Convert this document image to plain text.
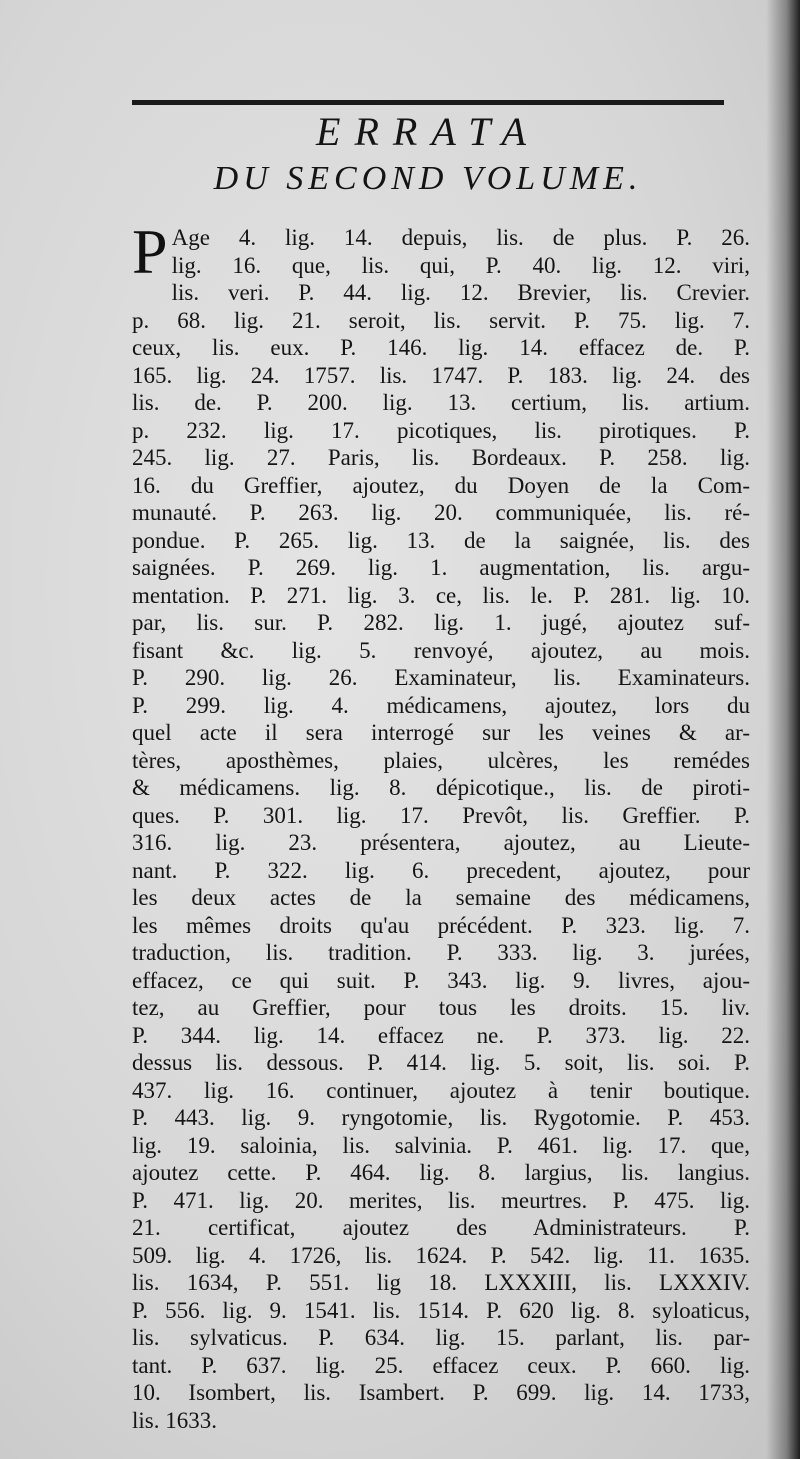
ERRATA
DU SECOND VOLUME.
P Age 4. lig. 14. depuis, lis. de plus. P. 26.
lig. 16. que, lis. qui, P. 40. lig. 12. viri,
lis. veri. P. 44. lig. 12. Brevier, lis. Crevier.
p. 68. lig. 21. seroit, lis. servit. P. 75. lig. 7.
ceux, lis. eux. P. 146. lig. 14. effacez de. P.
165. lig. 24. 1757. lis. 1747. P. 183. lig. 24. des
lis. de. P. 200. lig. 13. certium, lis. artium.
p. 232. lig. 17. picotiques, lis. pirotiques. P.
245. lig. 27. Paris, lis. Bordeaux. P. 258. lig.
16. du Greffier, ajoutez, du Doyen de la Com-
munauté. P. 263. lig. 20. communiquée, lis. ré-
pondue. P. 265. lig. 13. de la saignée, lis. des
saignées. P. 269. lig. 1. augmentation, lis. argu-
mentation. P. 271. lig. 3. ce, lis. le. P. 281. lig. 10.
par, lis. sur. P. 282. lig. 1. jugé, ajoutez suf-
fisant &c. lig. 5. renvoyé, ajoutez, au mois.
P. 290. lig. 26. Examinateur, lis. Examinateurs.
P. 299. lig. 4. médicamens, ajoutez, lors du
quel acte il sera interrogé sur les veines & ar-
tères, aposthèmes, plaies, ulcères, les remédes
& médicamens. lig. 8. dépicotique., lis. de piroti-
ques. P. 301. lig. 17. Prevôt, lis. Greffier. P.
316. lig. 23. présentera, ajoutez, au Lieute-
nant. P. 322. lig. 6. precedent, ajoutez, pour
les deux actes de la semaine des médicamens,
les mêmes droits qu'au précédent. P. 323. lig. 7.
traduction, lis. tradition. P. 333. lig. 3. jurées,
effacez, ce qui suit. P. 343. lig. 9. livres, ajou-
tez, au Greffier, pour tous les droits. 15. liv.
P. 344. lig. 14. effacez ne. P. 373. lig. 22.
dessus lis. dessous. P. 414. lig. 5. soit, lis. soi. P.
437. lig. 16. continuer, ajoutez à tenir boutique.
P. 443. lig. 9. ryngotomie, lis. Rygotomie. P. 453.
lig. 19. saloinia, lis. salvinia. P. 461. lig. 17. que,
ajoutez cette. P. 464. lig. 8. largius, lis. langius.
P. 471. lig. 20. merites, lis. meurtres. P. 475. lig.
21. certificat, ajoutez des Administrateurs. P.
509. lig. 4. 1726, lis. 1624. P. 542. lig. 11. 1635.
lis. 1634, P. 551. lig 18. LXXXIII, lis. LXXXIV.
P. 556. lig. 9. 1541. lis. 1514. P. 620 lig. 8. syloaticus,
lis. sylvaticus. P. 634. lig. 15. parlant, lis. par-
tant. P. 637. lig. 25. effacez ceux. P. 660. lig.
10. Isombert, lis. Isambert. P. 699. lig. 14. 1733,
lis. 1633.
